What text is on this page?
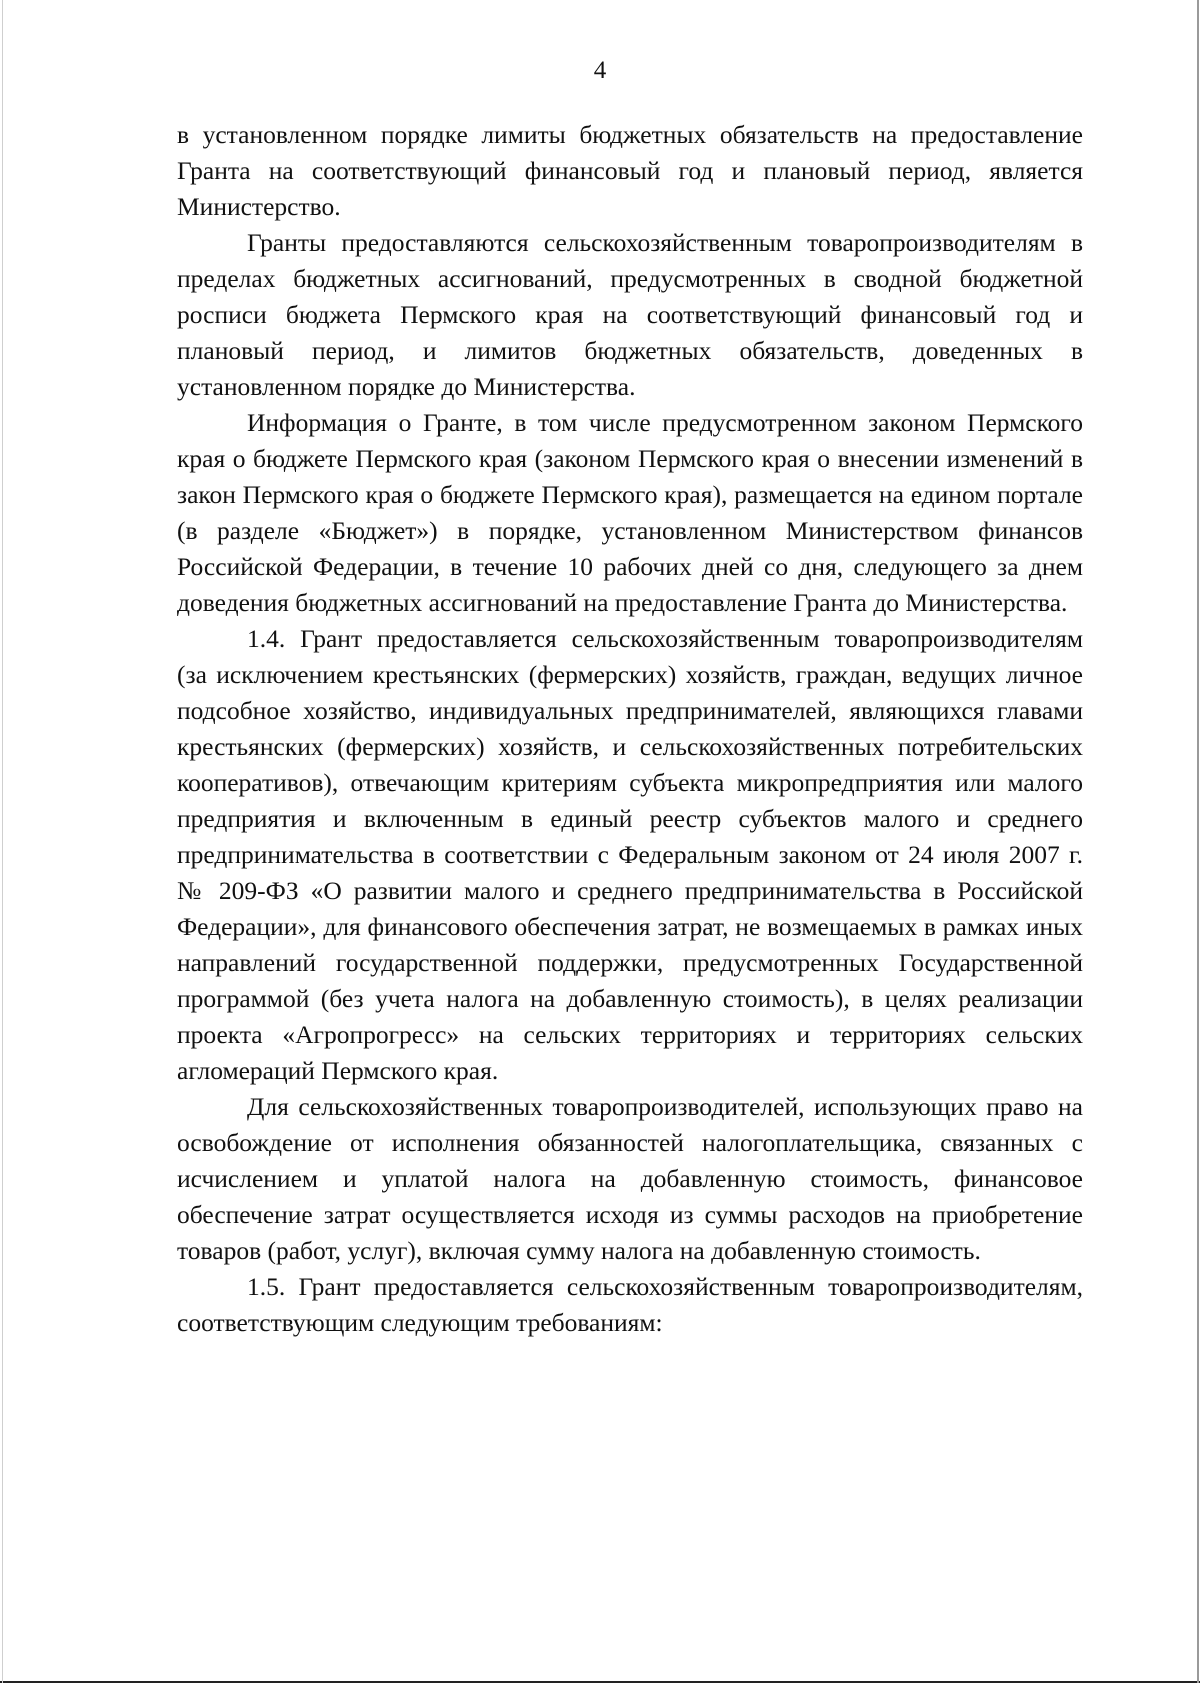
4

в установленном порядке лимиты бюджетных обязательств на предоставление Гранта на соответствующий финансовый год и плановый период, является Министерство.

Гранты предоставляются сельскохозяйственным товаропроизводителям в пределах бюджетных ассигнований, предусмотренных в сводной бюджетной росписи бюджета Пермского края на соответствующий финансовый год и плановый период, и лимитов бюджетных обязательств, доведенных в установленном порядке до Министерства.

Информация о Гранте, в том числе предусмотренном законом Пермского края о бюджете Пермского края (законом Пермского края о внесении изменений в закон Пермского края о бюджете Пермского края), размещается на едином портале (в разделе «Бюджет») в порядке, установленном Министерством финансов Российской Федерации, в течение 10 рабочих дней со дня, следующего за днем доведения бюджетных ассигнований на предоставление Гранта до Министерства.

1.4. Грант предоставляется сельскохозяйственным товаропроизводителям (за исключением крестьянских (фермерских) хозяйств, граждан, ведущих личное подсобное хозяйство, индивидуальных предпринимателей, являющихся главами крестьянских (фермерских) хозяйств, и сельскохозяйственных потребительских кооперативов), отвечающим критериям субъекта микропредприятия или малого предприятия и включенным в единый реестр субъектов малого и среднего предпринимательства в соответствии с Федеральным законом от 24 июля 2007 г. № 209-ФЗ «О развитии малого и среднего предпринимательства в Российской Федерации», для финансового обеспечения затрат, не возмещаемых в рамках иных направлений государственной поддержки, предусмотренных Государственной программой (без учета налога на добавленную стоимость), в целях реализации проекта «Агропрогресс» на сельских территориях и территориях сельских агломераций Пермского края.

Для сельскохозяйственных товаропроизводителей, использующих право на освобождение от исполнения обязанностей налогоплательщика, связанных с исчислением и уплатой налога на добавленную стоимость, финансовое обеспечение затрат осуществляется исходя из суммы расходов на приобретение товаров (работ, услуг), включая сумму налога на добавленную стоимость.

1.5. Грант предоставляется сельскохозяйственным товаропроизводителям, соответствующим следующим требованиям:
